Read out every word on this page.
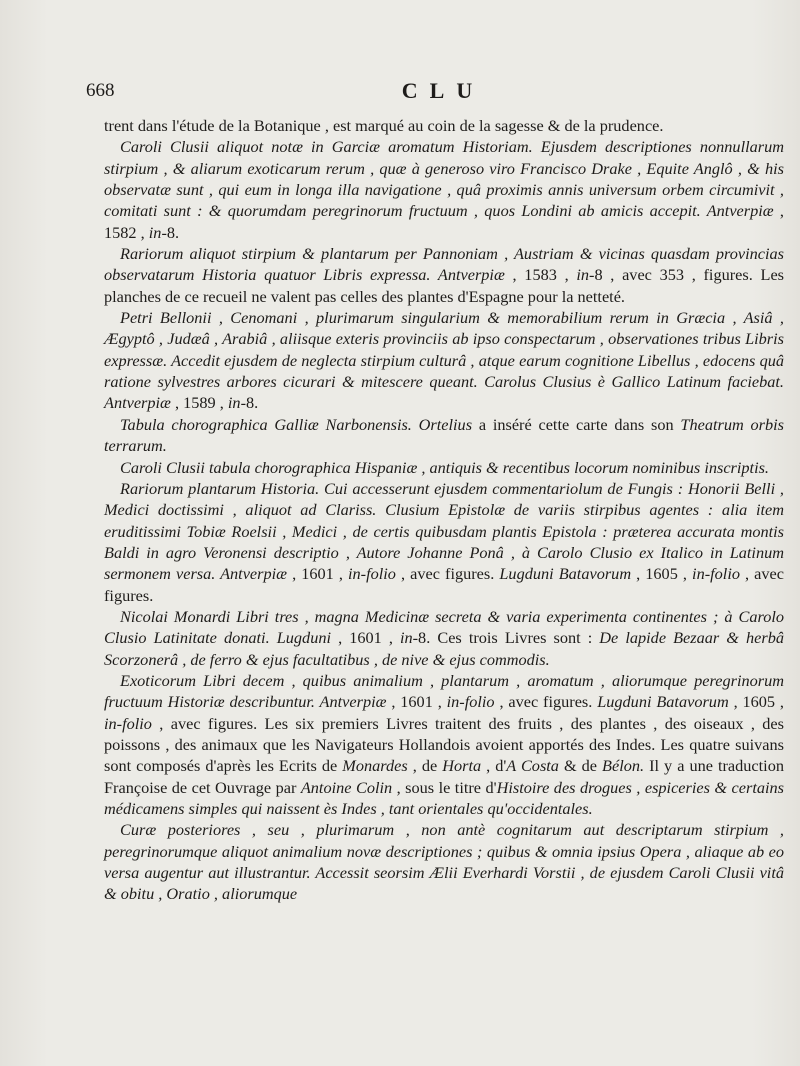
668	CLU

trent dans l'étude de la Botanique , est marqué au coin de la sagesse & de la prudence.

Caroli Clusii aliquot notæ in Garciæ aromatum Historiam. Ejusdem descriptiones nonnullarum stirpium , & aliarum exoticarum rerum , quæ à generoso viro Francisco Drake , Equite Anglô , & his observatæ sunt , qui eum in longa illa navigatione , quâ proximis annis universum orbem circumivit , comitati sunt : & quorumdam peregrinorum fructuum , quos Londini ab amicis accepit. Antverpiæ , 1582 , in-8.

Rariorum aliquot stirpium & plantarum per Pannoniam , Austriam & vicinas quasdam provincias observatarum Historia quatuor Libris expressa. Antverpiæ , 1583 , in-8 , avec 353 , figures. Les planches de ce recueil ne valent pas celles des plantes d'Espagne pour la netteté.

Petri Bellonii , Cenomani , plurimarum singularium & memorabilium rerum in Græcia , Asiâ , Ægyptô , Judæâ , Arabiâ , aliisque exteris provinciis ab ipso conspectarum , observationes tribus Libris expressæ. Accedit ejusdem de neglecta stirpium culturâ , atque earum cognitione Libellus , edocens quâ ratione sylvestres arbores cicurari & mitescere queant. Carolus Clusius è Gallico Latinum faciebat. Antverpiæ , 1589 , in-8.

Tabula chorographica Galliæ Narbonensis. Ortelius a inséré cette carte dans son Theatrum orbis terrarum.

Caroli Clusii tabula chorographica Hispaniæ , antiquis & recentibus locorum nominibus inscriptis.

Rariorum plantarum Historia. Cui accesserunt ejusdem commentariolum de Fungis : Honorii Belli , Medici doctissimi , aliquot ad Clariss. Clusium Epistolæ de variis stirpibus agentes : alia item eruditissimi Tobiæ Roelsii , Medici , de certis quibusdam plantis Epistola : præterea accurata montis Baldi in agro Veronensi descriptio , Autore Johanne Ponâ , à Carolo Clusio ex Italico in Latinum sermonem versa. Antverpiæ , 1601 , in-folio , avec figures. Lugduni Batavorum , 1605 , in-folio , avec figures.

Nicolai Monardi Libri tres , magna Medicinæ secreta & varia experimenta continentes ; à Carolo Clusio Latinitate donati. Lugduni , 1601 , in-8. Ces trois Livres sont : De lapide Bezaar & herbâ Scorzonerâ , de ferro & ejus facultatibus , de nive & ejus commodis.

Exoticorum Libri decem , quibus animalium , plantarum , aromatum , aliorumque peregrinorum fructuum Historiæ describuntur. Antverpiæ , 1601 , in-folio , avec figures. Lugduni Batavorum , 1605 , in-folio , avec figures. Les six premiers Livres traitent des fruits , des plantes , des oiseaux , des poissons , des animaux que les Navigateurs Hollandois avoient apportés des Indes. Les quatre suivans sont composés d'après les Ecrits de Monardes , de Horta , d'A Costa & de Bélon. Il y a une traduction Françoise de cet Ouvrage par Antoine Colin , sous le titre d'Histoire des drogues , espiceries & certains médicamens simples qui naissent ès Indes , tant orientales qu'occidentales.

Curæ posteriores , seu , plurimarum , non antè cognitarum aut descriptarum stirpium , peregrinorumque aliquot animalium novæ descriptiones ; quibus & omnia ipsius Opera , aliaque ab eo versa augentur aut illustrantur. Accessit seorsim Ælii Everhardi Vorstii , de ejusdem Caroli Clusii vitâ & obitu , Oratio , aliorumque
